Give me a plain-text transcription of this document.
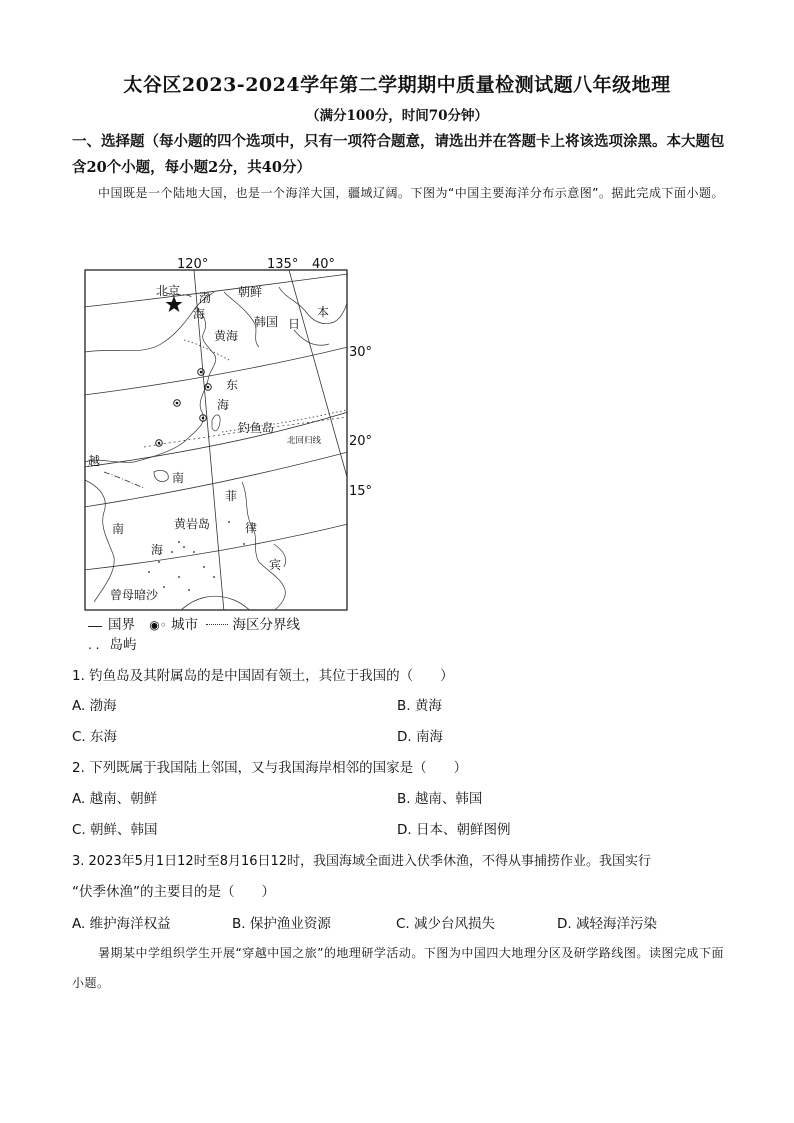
太谷区2023-2024学年第二学期期中质量检测试题八年级地理
（满分100分，时间70分钟）
一、选择题（每小题的四个选项中，只有一项符合题意，请选出并在答题卡上将该选项涂黑。本大题包含20个小题，每小题2分，共40分）
中国既是一个陆地大国，也是一个海洋大国，疆域辽阔。下图为“中国主要海洋分布示意图”。据此完成下面小题。
120°	135° 40°
30°
20°
15°
北京 渤
海
朝鲜
韩国 日
本
黄海
东
海
钓鱼岛
北回归线
越
南
菲
黄岩岛	律
南
海
宾
曾母暗沙
国界 ◉◦ 城市	海区分界线
. . 岛屿
1. 钓鱼岛及其附属岛的是中国固有领土，其位于我国的（　　）
A. 渤海	B. 黄海
C. 东海	D. 南海
2. 下列既属于我国陆上邻国，又与我国海岸相邻的国家是（　　）
A. 越南、朝鲜	B. 越南、韩国
C. 朝鲜、韩国	D. 日本、朝鲜图例
3. 2023年5月1日12时至8月16日12时，我国海域全面进入伏季休渔，不得从事捕捞作业。我国实行
“伏季休渔”的主要目的是（　　）
A. 维护海洋权益	B. 保护渔业资源	C. 减少台风损失	D. 减轻海洋污染
暑期某中学组织学生开展“穿越中国之旅”的地理研学活动。下图为中国四大地理分区及研学路线图。读图完成下面小题。
